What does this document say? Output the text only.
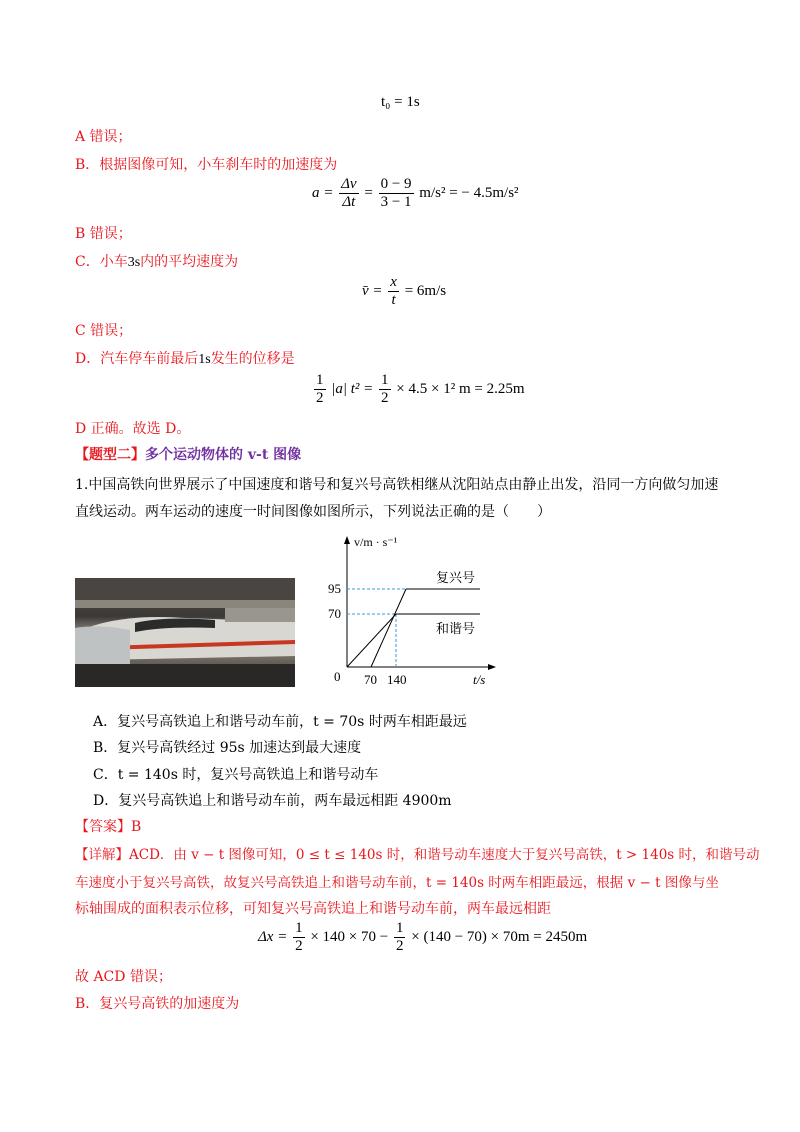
t₀ = 1s
A 错误；
B．根据图像可知，小车刹车时的加速度为
$a = \frac{\Delta v}{\Delta t} = \frac{0 - 9}{3 - 1} m/s^2$ = − 4.5m/s²
B 错误；
C．小车3s内的平均速度为
v̄ = $\frac{x}{t} = 6m/s$
C 错误；
D．汽车停车前最后1s发生的位移是
$\frac{1}{2} |a|$ $t^2 = \frac{1}{2} \times 4.5 \times 1^2$ m = 2.25m
D 正确。故选 D。
【题型二】多个运动物体的 v-t 图像
1.中国高铁向世界展示了中国速度和谐号和复兴号高铁相继从沈阳站点由静止出发，沿同一方向做匀加速
直线运动。两车运动的速度一时间图像如图所示，下列说法正确的是（　　）
v/m · s⁻¹
t/s
0
95
70
70 140
复兴号
和谐号
A．复兴号高铁追上和谐号动车前，t = 70s 时两车相距最远
B．复兴号高铁经过 95s 加速达到最大速度
C．t = 140s 时，复兴号高铁追上和谐号动车
D．复兴号高铁追上和谐号动车前，两车最远相距 4900m
【答案】B
【详解】ACD．由 v − t 图像可知，0 ≤ t ≤ 140s 时，和谐号动车速度大于复兴号高铁，t > 140s 时，和谐号动
车速度小于复兴号高铁，故复兴号高铁追上和谐号动车前，t = 140s 时两车相距最远，根据 v − t 图像与坐
标轴围成的面积表示位移，可知复兴号高铁追上和谐号动车前，两车最远相距
$\Delta x = \frac{1}{2} \times 140 \times 70 - \frac{1}{2} \times (140 - 70) \times 70m = 2450m$
故 ACD 错误；
B．复兴号高铁的加速度为
